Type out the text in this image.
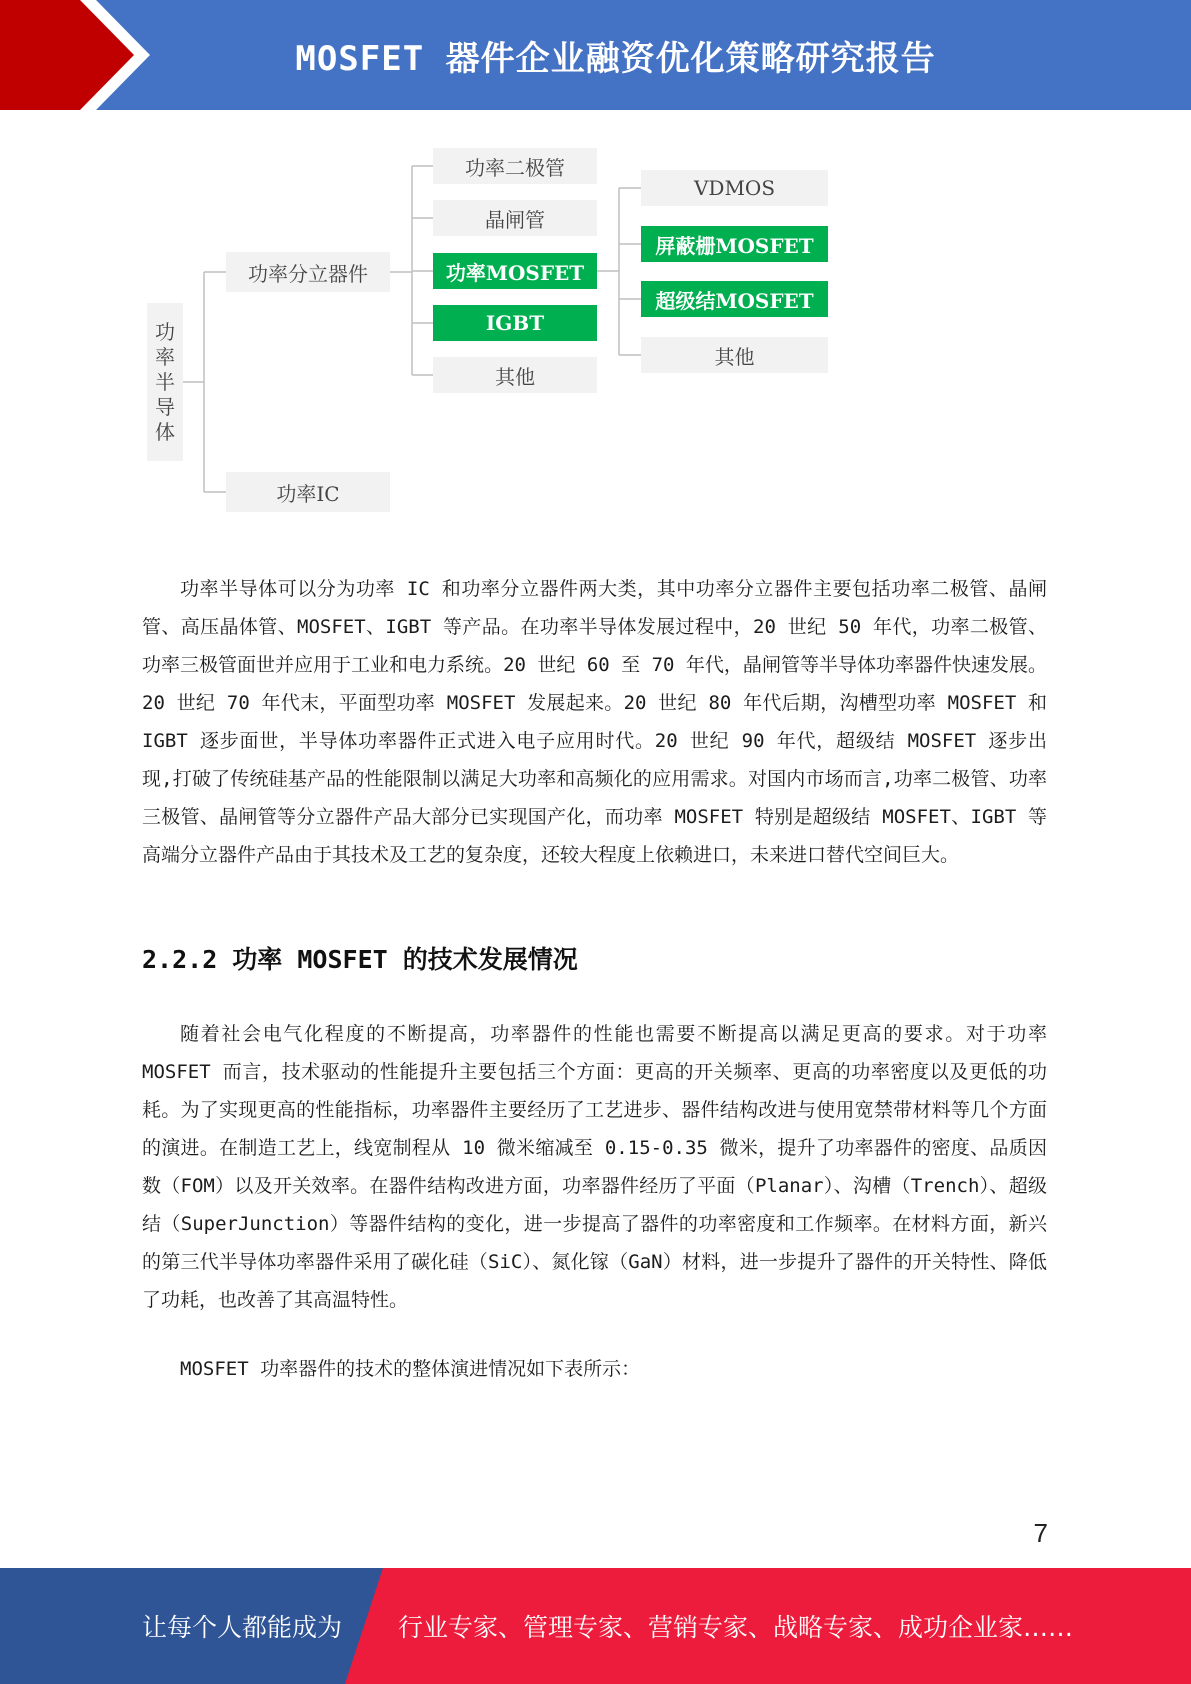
MOSFET 器件企业融资优化策略研究报告
功
率
半
导
体
功率分立器件
功率IC
功率二极管
晶闸管
功率MOSFET
IGBT
其他
VDMOS
屏蔽栅MOSFET
超级结MOSFET
其他
功率半导体可以分为功率 IC 和功率分立器件两大类，其中功率分立器件主要包括功率二极管、晶闸管、高压晶体管、MOSFET、IGBT 等产品。在功率半导体发展过程中，20 世纪 50 年代，功率二极管、功率三极管面世并应用于工业和电力系统。20 世纪 60 至 70 年代，晶闸管等半导体功率器件快速发展。20 世纪 70 年代末，平面型功率 MOSFET 发展起来。20 世纪 80 年代后期，沟槽型功率 MOSFET 和 IGBT 逐步面世，半导体功率器件正式进入电子应用时代。20 世纪 90 年代，超级结 MOSFET 逐步出现,打破了传统硅基产品的性能限制以满足大功率和高频化的应用需求。对国内市场而言,功率二极管、功率三极管、晶闸管等分立器件产品大部分已实现国产化，而功率 MOSFET 特别是超级结 MOSFET、IGBT 等高端分立器件产品由于其技术及工艺的复杂度，还较大程度上依赖进口，未来进口替代空间巨大。
2.2.2 功率 MOSFET 的技术发展情况
随着社会电气化程度的不断提高，功率器件的性能也需要不断提高以满足更高的要求。对于功率 MOSFET 而言，技术驱动的性能提升主要包括三个方面：更高的开关频率、更高的功率密度以及更低的功耗。为了实现更高的性能指标，功率器件主要经历了工艺进步、器件结构改进与使用宽禁带材料等几个方面的演进。在制造工艺上，线宽制程从 10 微米缩减至 0.15-0.35 微米，提升了功率器件的密度、品质因数（FOM）以及开关效率。在器件结构改进方面，功率器件经历了平面（Planar）、沟槽（Trench）、超级结（SuperJunction）等器件结构的变化，进一步提高了器件的功率密度和工作频率。在材料方面，新兴的第三代半导体功率器件采用了碳化硅（SiC）、氮化镓（GaN）材料，进一步提升了器件的开关特性、降低了功耗，也改善了其高温特性。
MOSFET 功率器件的技术的整体演进情况如下表所示：
7
让每个人都能成为 行业专家、管理专家、营销专家、战略专家、成功企业家……
